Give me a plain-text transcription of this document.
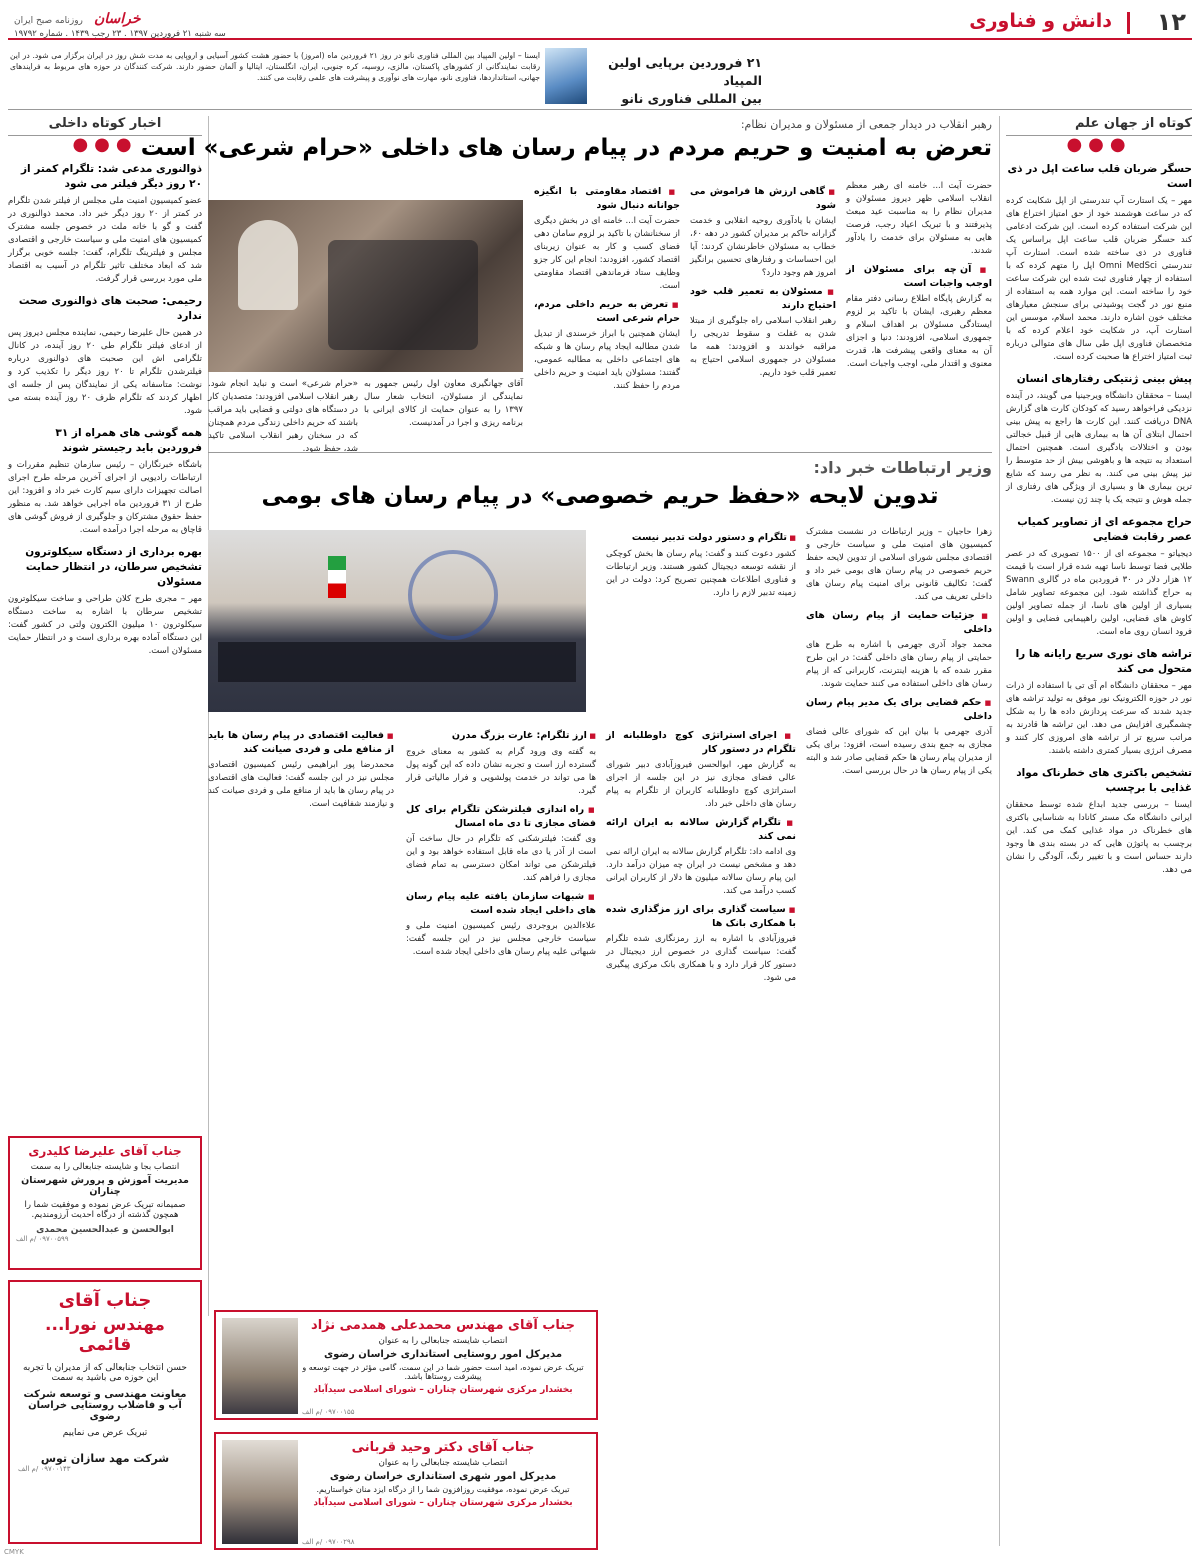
۱۲
دانش و فناوری
خراسان روزنامه صبح ایران
سه شنبه ۲۱ فروردین ۱۳۹۷ . ۲۳ رجب ۱۴۳۹ . شماره ۱۹۷۹۲
۲۱ فروردین برپایی اولین المپیاد
بین المللی فناوری نانو
ایسنا – اولین المپیاد بین المللی فناوری نانو در روز ۲۱ فروردین ماه (امروز) با حضور هشت کشور آسیایی و اروپایی به مدت شش روز در ایران برگزار می شود. در این رقابت نمایندگانی از کشورهای پاکستان، مالزی، روسیه، کره جنوبی، ایران، انگلستان، ایتالیا و آلمان حضور دارند. شرکت کنندگان در حوزه های مربوط به فرایندهای جهانی، استانداردها، فناوری نانو، مهارت های نوآوری و پیشرفت های علمی رقابت می کنند.
کوتاه از جهان علم
●●●
حسگر ضربان قلب ساعت اپل در ذی است
مهر – یک استارت آپ تندرستی از اپل شکایت کرده که در ساعت هوشمند خود از حق امتیاز اختراع های این شرکت استفاده کرده است. این شرکت ادعامی کند حسگر ضربان قلب ساعت اپل براساس یک فناوری در ذی ساخته شده است. استارت آپ تندرستی Omni MedSci اپل را متهم کرده که با استفاده از چهار فناوری ثبت شده این شرکت ساعت خود را ساخته است. این موارد همه به استفاده از منبع نور در گجت پوشیدنی برای سنجش معیارهای مختلف خون اشاره دارند. محمد اسلام، موسس این استارت آپ، در شکایت خود اعلام کرده که با متخصصان فناوری اپل طی سال های متوالی درباره ثبت امتیاز اختراع ها صحبت کرده است.
پیش بینی ژنتیکی رفتارهای انسان
ایسنا – محققان دانشگاه ویرجینیا می گویند، در آینده نزدیکی فراخواهد رسید که کودکان کارت های گزارش DNA دریافت کنند. این کارت ها راجع به پیش بینی احتمال ابتلای آن ها به بیماری هایی از قبیل خجالتی بودن و اختلالات یادگیری است. همچنین احتمال استعداد به نتیجه ها و باهوشی بیش از حد متوسط را نیز پیش بینی می کنند. به نظر می رسد که شایع ترین بیماری ها و بسیاری از ویژگی های رفتاری از جمله هوش و نتیجه یک یا چند ژن نیست.
حراج مجموعه ای از تصاویر کمیاب عصر رقابت فضایی
دیجیاتو – مجموعه ای از ۱۵۰۰ تصویری که در عصر طلایی فضا توسط ناسا تهیه شده قرار است با قیمت ۱۲ هزار دلار در ۳۰ فروردین ماه در گالری Swann به حراج گذاشته شود. این مجموعه تصاویر شامل بسیاری از اولین های ناسا، از جمله تصاویر اولین کاوش های فضایی، اولین راهپیمایی فضایی و اولین فرود انسان روی ماه است.
تراشه های نوری سریع رایانه ها را متحول می کند
مهر – محققان دانشگاه ام آی تی با استفاده از ذرات نور در حوزه الکترونیک نور موفق به تولید تراشه های جدید شدند که سرعت پردازش داده ها را به شکل چشمگیری افزایش می دهد. این تراشه ها قادرند به مراتب سریع تر از تراشه های امروزی کار کنند و مصرف انرژی بسیار کمتری داشته باشند.
تشخیص باکتری های خطرناک مواد غذایی با برچسب
ایسنا – بررسی جدید ابداع شده توسط محققان ایرانی دانشگاه مک مستر کانادا به شناسایی باکتری های خطرناک در مواد غذایی کمک می کند. این برچسب به پاتوژن هایی که در بسته بندی ها وجود دارند حساس است و با تغییر رنگ، آلودگی را نشان می دهد.
اخبار کوتاه داخلی
●●●
ذوالنوری مدعی شد: تلگرام کمتر از ۲۰ روز دیگر فیلتر می شود
عضو کمیسیون امنیت ملی مجلس از فیلتر شدن تلگرام در کمتر از ۲۰ روز دیگر خبر داد. محمد ذوالنوری در گفت و گو با خانه ملت در خصوص جلسه مشترک کمیسیون های امنیت ملی و سیاست خارجی و اقتصادی مجلس و فیلترینگ تلگرام، گفت: جلسه خوبی برگزار شد که ابعاد مختلف تاثیر تلگرام در آسیب به اقتصاد ملی مورد بررسی قرار گرفت.
رحیمی: صحبت های ذوالنوری صحت ندارد
در همین حال علیرضا رحیمی، نماینده مجلس دیروز پس از ادعای فیلتر تلگرام طی ۲۰ روز آینده، در کانال تلگرامی اش این صحبت های ذوالنوری درباره فیلترشدن تلگرام تا ۲۰ روز دیگر را تکذیب کرد و نوشت: متاسفانه یکی از نمایندگان پس از جلسه ای اظهار کردند که تلگرام ظرف ۲۰ روز آینده بسته می شود.
همه گوشی های همراه از ۳۱ فروردین باید رجیستر شوند
باشگاه خبرنگاران – رئیس سازمان تنظیم مقررات و ارتباطات رادیویی از اجرای آخرین مرحله طرح اجرای اصالت تجهیزات دارای سیم کارت خبر داد و افزود: این طرح از ۳۱ فروردین ماه اجرایی خواهد شد. به منظور حفظ حقوق مشترکان و جلوگیری از فروش گوشی های قاچاق به مرحله اجرا درآمده است.
بهره برداری از دستگاه سیکلوترون تشخیص سرطان، در انتظار حمایت مسئولان
مهر – مجری طرح کلان طراحی و ساخت سیکلوترون تشخیص سرطان با اشاره به ساخت دستگاه سیکلوترون ۱۰ میلیون الکترون ولتی در کشور گفت: این دستگاه آماده بهره برداری است و در انتظار حمایت مسئولان است.
رهبر انقلاب در دیدار جمعی از مسئولان و مدیران نظام:
تعرض به امنیت و حریم مردم در پیام رسان های داخلی «حرام شرعی» است

حضرت آیت ا... خامنه ای رهبر معظم انقلاب اسلامی ظهر دیروز مسئولان و مدیران نظام را به مناسبت عید مبعث پذیرفتند و با تبریک اعیاد رجب، فرصت هایی به مسئولان برای خدمت را یادآور شدند.

■ آن چه برای مسئولان از اوجب واجبات است

به گزارش پایگاه اطلاع رسانی دفتر مقام معظم رهبری، ایشان با تاکید بر لزوم ایستادگی مسئولان بر اهداف اسلام و جمهوری اسلامی، افزودند: دنیا و اجزای آن به معنای واقعی پیشرفت ها، قدرت معنوی و اقتدار ملی، اوجب واجبات است.

■ گاهی ارزش ها فراموش می شود

ایشان با یادآوری روحیه انقلابی و خدمت گزارانه حاکم بر مدیران کشور در دهه ۶۰، خطاب به مسئولان خاطرنشان کردند: آیا این احساسات و رفتارهای تحسین برانگیز امروز هم وجود دارد؟

■ مسئولان به تعمیر قلب خود احتیاج دارند

رهبر انقلاب اسلامی راه جلوگیری از مبتلا شدن به غفلت و سقوط تدریجی را مراقبه خواندند و افزودند: همه ما مسئولان در جمهوری اسلامی احتیاج به تعمیر قلب خود داریم.

■ اقتصاد مقاومتی با انگیزه جوانانه دنبال شود

حضرت آیت ا... خامنه ای در بخش دیگری از سخنانشان با تاکید بر لزوم سامان دهی فضای کسب و کار به عنوان زیربنای اقتصاد کشور، افزودند: انجام این کار جزو وظایف ستاد فرماندهی اقتصاد مقاومتی است.

■ تعرض به حریم داخلی مردم، حرام شرعی است

ایشان همچنین با ابراز خرسندی از تبدیل شدن مطالبه ایجاد پیام رسان ها و شبکه های اجتماعی داخلی به مطالبه عمومی، گفتند: مسئولان باید امنیت و حریم داخلی مردم را حفظ کنند.

آقای جهانگیری معاون اول رئیس جمهور به نمایندگی از مسئولان، انتخاب شعار سال ۱۳۹۷ را به عنوان حمایت از کالای ایرانی با برنامه ریزی و اجرا در آمدنیست.

«حرام شرعی» است و نباید انجام شود. رهبر انقلاب اسلامی افزودند: متصدیان کار در دستگاه های دولتی و قضایی باید مراقب باشند که حریم داخلی زندگی مردم همچنان که در سخنان رهبر انقلاب اسلامی تاکید شد، حفظ شود.

وزیر ارتباطات خبر داد:
تدوین لایحه «حفظ حریم خصوصی» در پیام رسان های بومی

زهرا حاجیان – وزیر ارتباطات در نشست مشترک کمیسیون های امنیت ملی و سیاست خارجی و اقتصادی مجلس شورای اسلامی از تدوین لایحه حفظ حریم خصوصی در پیام رسان های بومی خبر داد و گفت: تکالیف قانونی برای امنیت پیام رسان های داخلی تعریف می کند.

■ جزئیات حمایت از پیام رسان های داخلی

محمد جواد آذری جهرمی با اشاره به طرح های حمایتی از پیام رسان های داخلی گفت: در این طرح مقرر شده که با هزینه اینترنت، کاربرانی که از پیام رسان های داخلی استفاده می کنند حمایت شوند.

■ حکم قضایی برای یک مدیر پیام رسان داخلی

آذری جهرمی با بیان این که شورای عالی فضای مجازی به جمع بندی رسیده است، افزود: برای یکی از مدیران پیام رسان ها حکم قضایی صادر شد و البته یکی از پیام رسان ها در حال بررسی است.

■ تلگرام و دستور دولت تدبیر نیست

کشور دعوت کنند و گفت: پیام رسان ها بخش کوچکی از نقشه توسعه دیجیتال کشور هستند. وزیر ارتباطات و فناوری اطلاعات همچنین تصریح کرد: دولت در این زمینه تدبیر لازم را دارد.

■ اجرای استراتژی کوچ داوطلبانه از تلگرام در دستور کار

به گزارش مهر، ابوالحسن فیروزآبادی دبیر شورای عالی فضای مجازی نیز در این جلسه از اجرای استراتژی کوچ داوطلبانه کاربران از تلگرام به پیام رسان های داخلی خبر داد.

■ تلگرام گزارش سالانه به ایران ارائه نمی کند

وی ادامه داد: تلگرام گزارش سالانه به ایران ارائه نمی دهد و مشخص نیست در ایران چه میزان درآمد دارد. این پیام رسان سالانه میلیون ها دلار از کاربران ایرانی کسب درآمد می کند.

■ سیاست گذاری برای ارز مزگذاری شده با همکاری بانک ها

فیروزآبادی با اشاره به ارز رمزنگاری شده تلگرام گفت: سیاست گذاری در خصوص ارز دیجیتال در دستور کار قرار دارد و با همکاری بانک مرکزی پیگیری می شود.

■ ارز تلگرام: غارت بزرگ مدرن

به گفته وی ورود گرام به کشور به معنای خروج گسترده ارز است و تجربه نشان داده که این گونه پول ها می تواند در خدمت پولشویی و فرار مالیاتی قرار گیرد.

■ راه اندازی فیلترشکن تلگرام برای کل فضای مجازی تا دی ماه امسال

وی گفت: فیلترشکنی که تلگرام در حال ساخت آن است از آذر یا دی ماه قابل استفاده خواهد بود و این فیلترشکن می تواند امکان دسترسی به تمام فضای مجازی را فراهم کند.

■ شبهات سازمان یافته علیه پیام رسان های داخلی ایجاد شده است

علاءالدین بروجردی رئیس کمیسیون امنیت ملی و سیاست خارجی مجلس نیز در این جلسه گفت: شبهاتی علیه پیام رسان های داخلی ایجاد شده است.

■ فعالیت اقتصادی در پیام رسان ها باید از منافع ملی و فردی صیانت کند

محمدرضا پور ابراهیمی رئیس کمیسیون اقتصادی مجلس نیز در این جلسه گفت: فعالیت های اقتصادی در پیام رسان ها باید از منافع ملی و فردی صیانت کند و نیازمند شفافیت است.

جناب آقای علیرضا کلیدری
انتصاب بجا و شایسته جنابعالی را به سمت
مدیریت آموزش و پرورش شهرستان چناران
صمیمانه تبریک عرض نموده و موفقیت شما را همچون گذشته از درگاه احدیت آرزومندیم.
ابوالحسن و عبدالحسین محمدی
۰۹۷۰۰۵۹۹ /م الف
جناب آقای
مهندس نورا... قائمی
حسن انتخاب جنابعالی که از مدیران با تجربه این حوزه می باشید به سمت
معاونت مهندسی و توسعه شرکت آب و فاضلاب روستایی خراسان رضوی
تبریک عرض می نماییم
شرکت مهد سازان توس
۰۹۷۰۰۱۴۳ /م الف
جناب آقای مهندس محمدعلی همدمی نژاد
انتصاب شایسته جنابعالی را به عنوان
مدیرکل امور روستایی استانداری خراسان رضوی
تبریک عرض نموده، امید است حضور شما در این سمت، گامی مؤثر در جهت توسعه و پیشرفت روستاها باشد.
بخشدار مرکزی شهرستان چناران – شورای اسلامی سیدآباد
۰۹۷۰۰۱۵۵ /م الف
جناب آقای دکتر وحید قربانی
انتصاب شایسته جنابعالی را به عنوان
مدیرکل امور شهری استانداری خراسان رضوی
تبریک عرض نموده، موفقیت روزافزون شما را از درگاه ایزد منان خواستاریم.
بخشدار مرکزی شهرستان چناران – شورای اسلامی سیدآباد
۰۹۷۰۰۲۹۸ /م الف
CMYK
